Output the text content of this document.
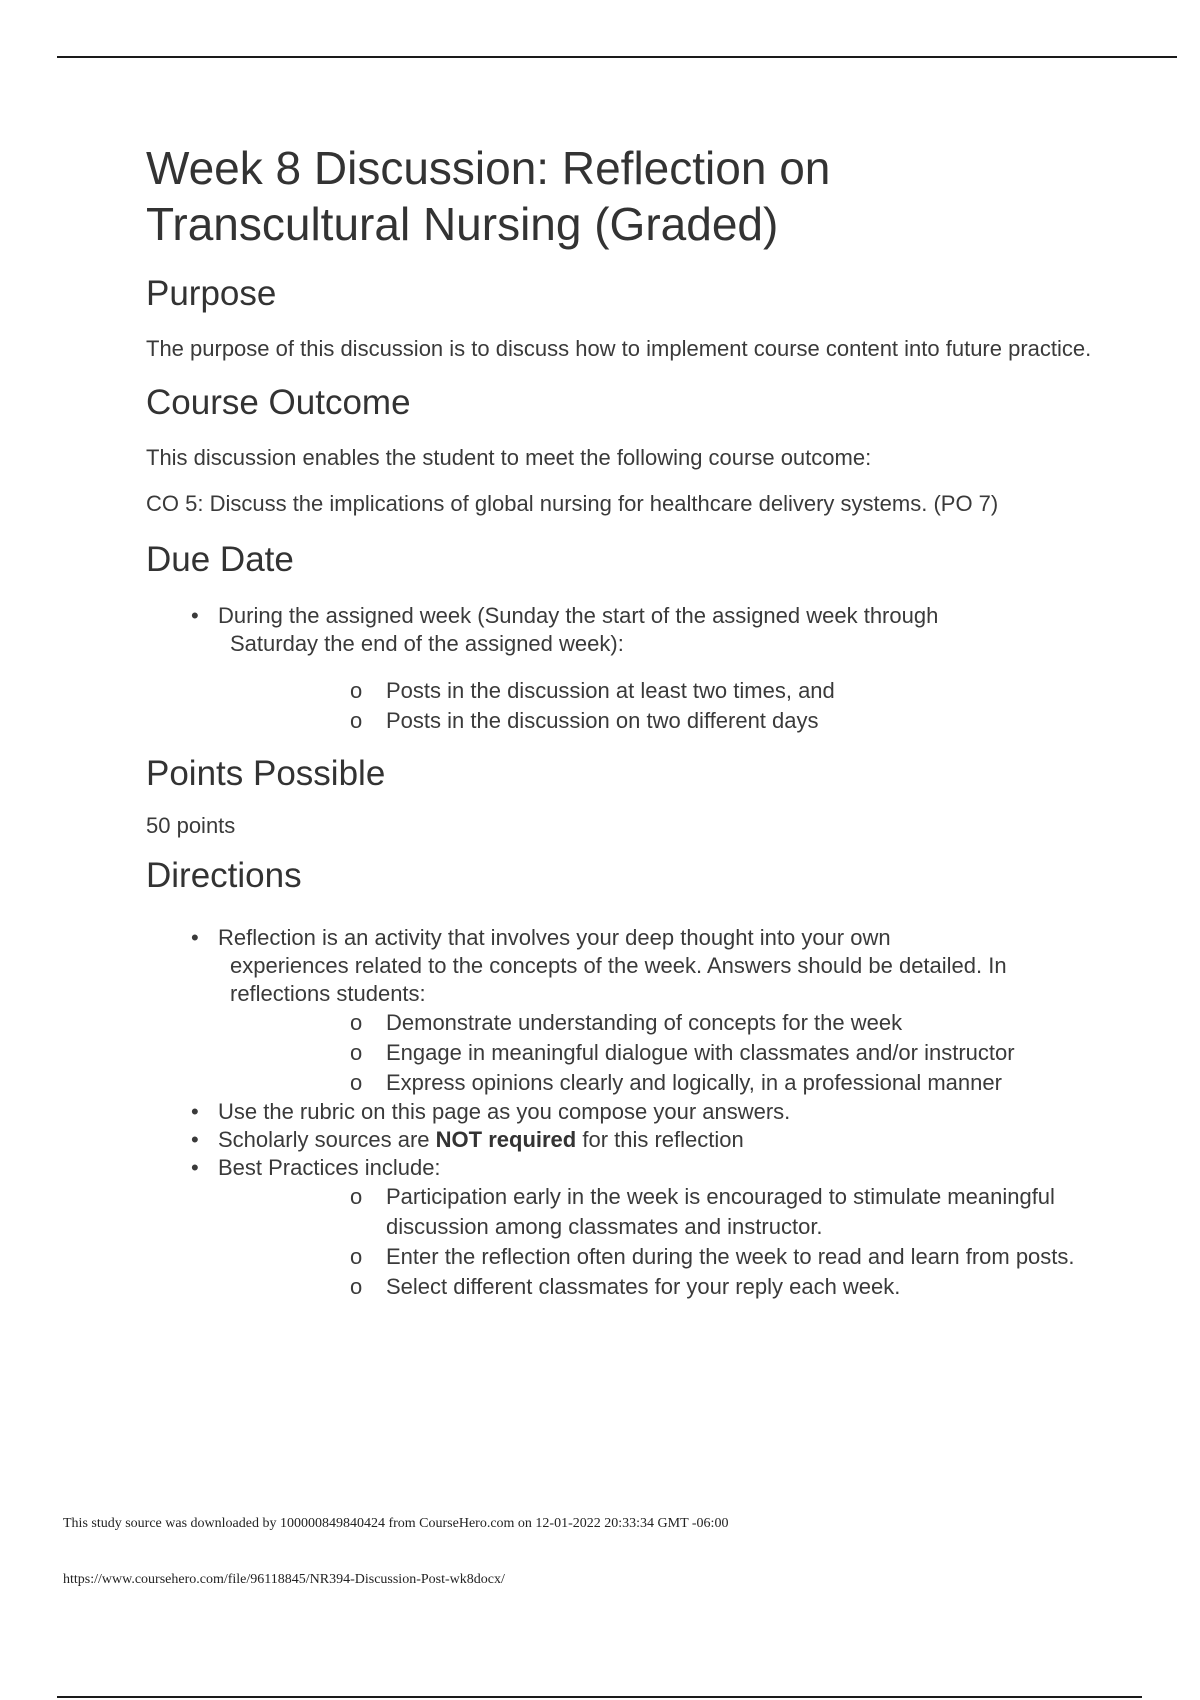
Week 8 Discussion: Reflection on Transcultural Nursing (Graded)
Purpose

The purpose of this discussion is to discuss how to implement course content into future practice.

Course Outcome

This discussion enables the student to meet the following course outcome:

CO 5: Discuss the implications of global nursing for healthcare delivery systems. (PO 7)

Due Date
• During the assigned week (Sunday the start of the assigned week through
Saturday the end of the assigned week):
o Posts in the discussion at least two times, and
o Posts in the discussion on two different days
Points Possible

50 points

Directions
• Reflection is an activity that involves your deep thought into your own
experiences related to the concepts of the week. Answers should be detailed. In
reflections students:
o Demonstrate understanding of concepts for the week
o Engage in meaningful dialogue with classmates and/or instructor
o Express opinions clearly and logically, in a professional manner
• Use the rubric on this page as you compose your answers.
• Scholarly sources are NOT required for this reflection
• Best Practices include:
o Participation early in the week is encouraged to stimulate meaningful discussion among classmates and instructor.
o Enter the reflection often during the week to read and learn from posts.
o Select different classmates for your reply each week.
This study source was downloaded by 100000849840424 from CourseHero.com on 12-01-2022 20:33:34 GMT -06:00
https://www.coursehero.com/file/96118845/NR394-Discussion-Post-wk8docx/
